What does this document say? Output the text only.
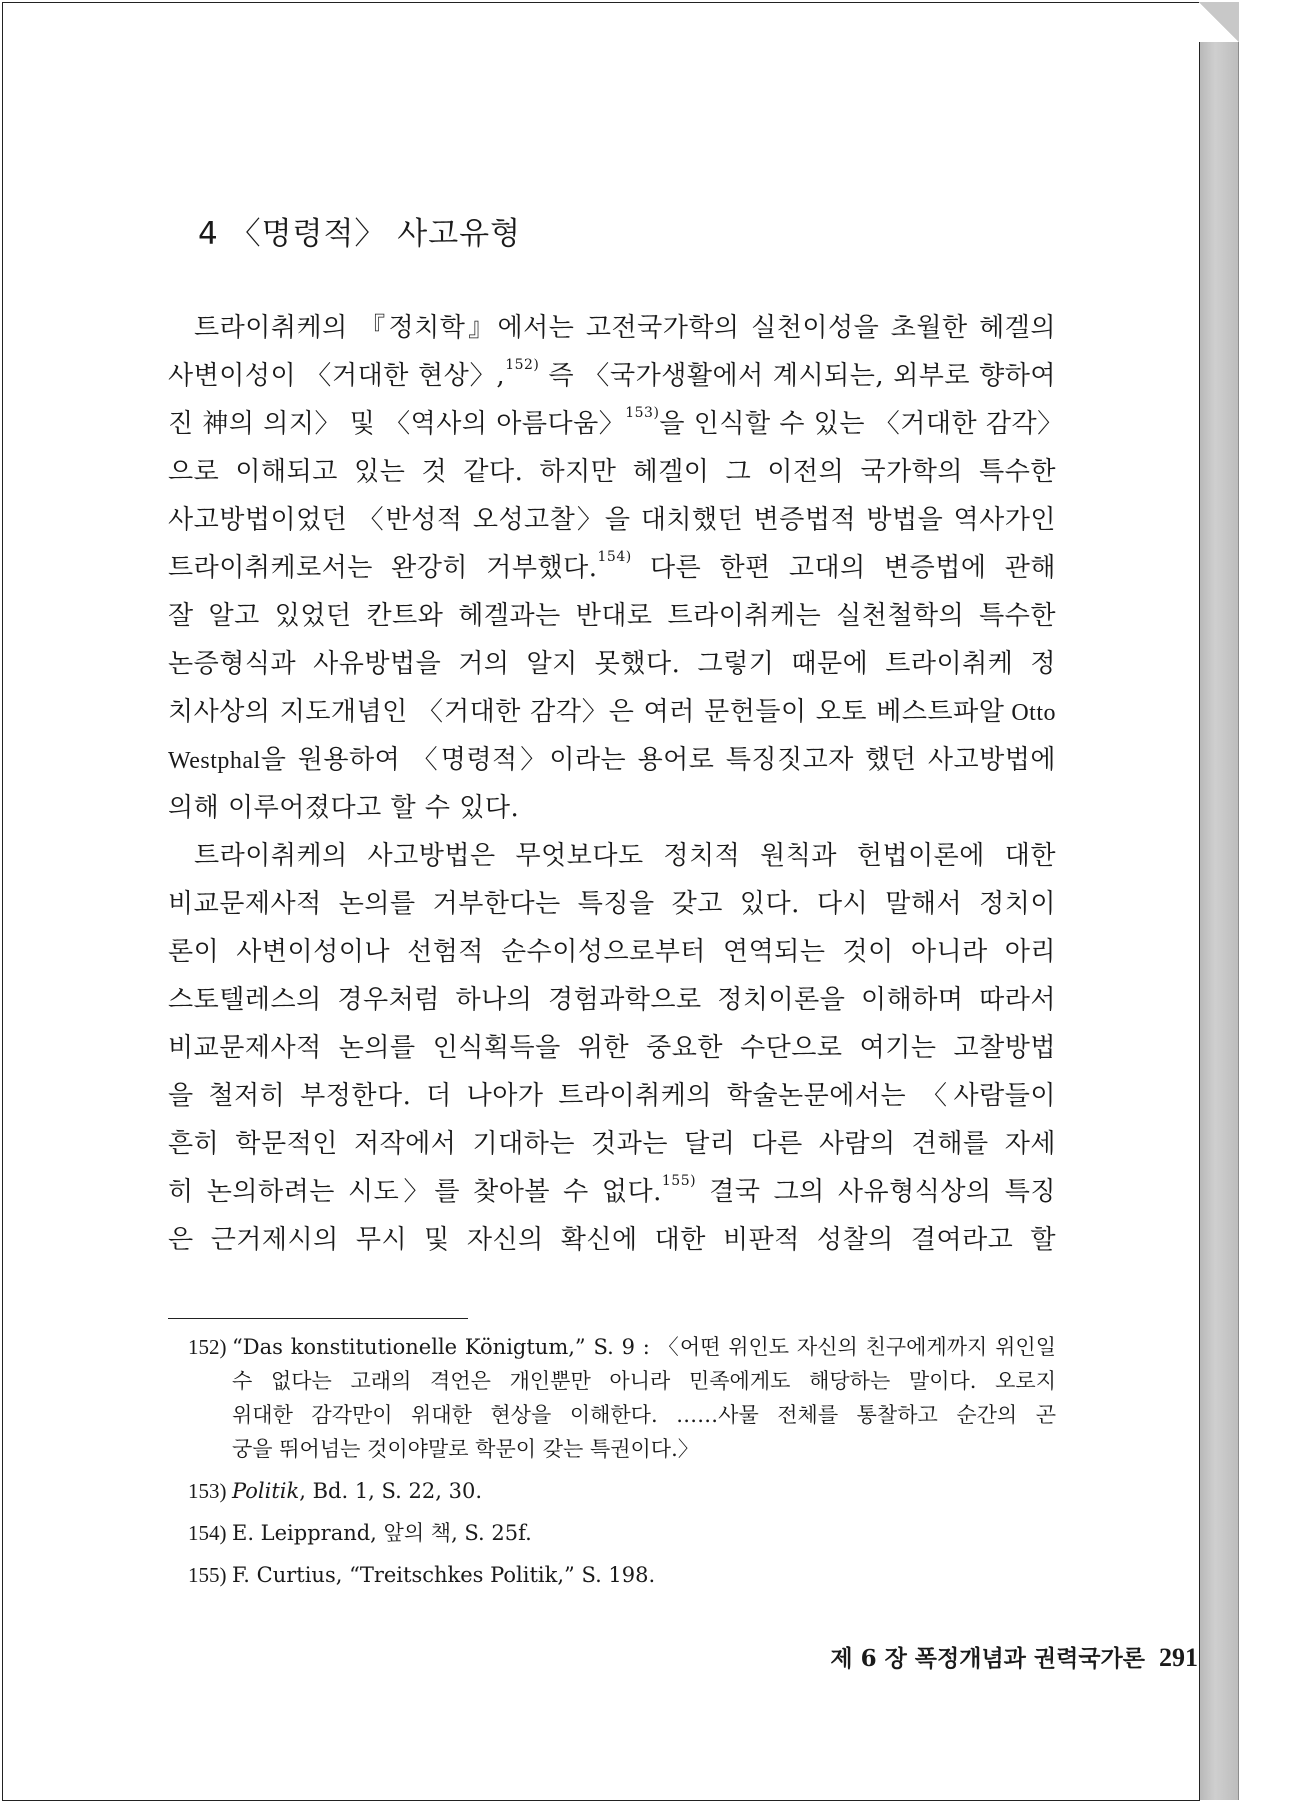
4 〈명령적〉 사고유형
트라이취케의 『정치학』에서는 고전국가학의 실천이성을 초월한 헤겔의
사변이성이 〈거대한 현상〉,$^{152)}$ 즉 〈국가생활에서 계시되는, 외부로 향하여
진 神의 의지〉 및 〈역사의 아름다움〉$^{153)}$을 인식할 수 있는 〈거대한 감각〉
으로 이해되고 있는 것 같다. 하지만 헤겔이 그 이전의 국가학의 특수한
사고방법이었던 〈반성적 오성고찰〉을 대치했던 변증법적 방법을 역사가인
트라이취케로서는 완강히 거부했다.$^{154)}$ 다른 한편 고대의 변증법에 관해
잘 알고 있었던 칸트와 헤겔과는 반대로 트라이취케는 실천철학의 특수한
논증형식과 사유방법을 거의 알지 못했다. 그렇기 때문에 트라이취케 정
치사상의 지도개념인 〈거대한 감각〉은 여러 문헌들이 오토 베스트파알 Otto
Westphal을 원용하여 〈명령적〉이라는 용어로 특징짓고자 했던 사고방법에
의해 이루어졌다고 할 수 있다.
트라이취케의 사고방법은 무엇보다도 정치적 원칙과 헌법이론에 대한
비교문제사적 논의를 거부한다는 특징을 갖고 있다. 다시 말해서 정치이
론이 사변이성이나 선험적 순수이성으로부터 연역되는 것이 아니라 아리
스토텔레스의 경우처럼 하나의 경험과학으로 정치이론을 이해하며 따라서
비교문제사적 논의를 인식획득을 위한 중요한 수단으로 여기는 고찰방법
을 철저히 부정한다. 더 나아가 트라이취케의 학술논문에서는 〈사람들이
흔히 학문적인 저작에서 기대하는 것과는 달리 다른 사람의 견해를 자세
히 논의하려는 시도〉를 찾아볼 수 없다.$^{155)}$ 결국 그의 사유형식상의 특징
은 근거제시의 무시 및 자신의 확신에 대한 비판적 성찰의 결여라고 할
152) “Das konstitutionelle Königtum,” S. 9 : 〈어떤 위인도 자신의 친구에게까지 위인일
수 없다는 고래의 격언은 개인뿐만 아니라 민족에게도 해당하는 말이다. 오로지
위대한 감각만이 위대한 현상을 이해한다. ……사물 전체를 통찰하고 순간의 곤
궁을 뛰어넘는 것이야말로 학문이 갖는 특권이다.〉
153) Politik, Bd. 1, S. 22, 30.
154) E. Leipprand, 앞의 책, S. 25f.
155) F. Curtius, “Treitschkes Politik,” S. 198.
제 6 장 폭정개념과 권력국가론 291
